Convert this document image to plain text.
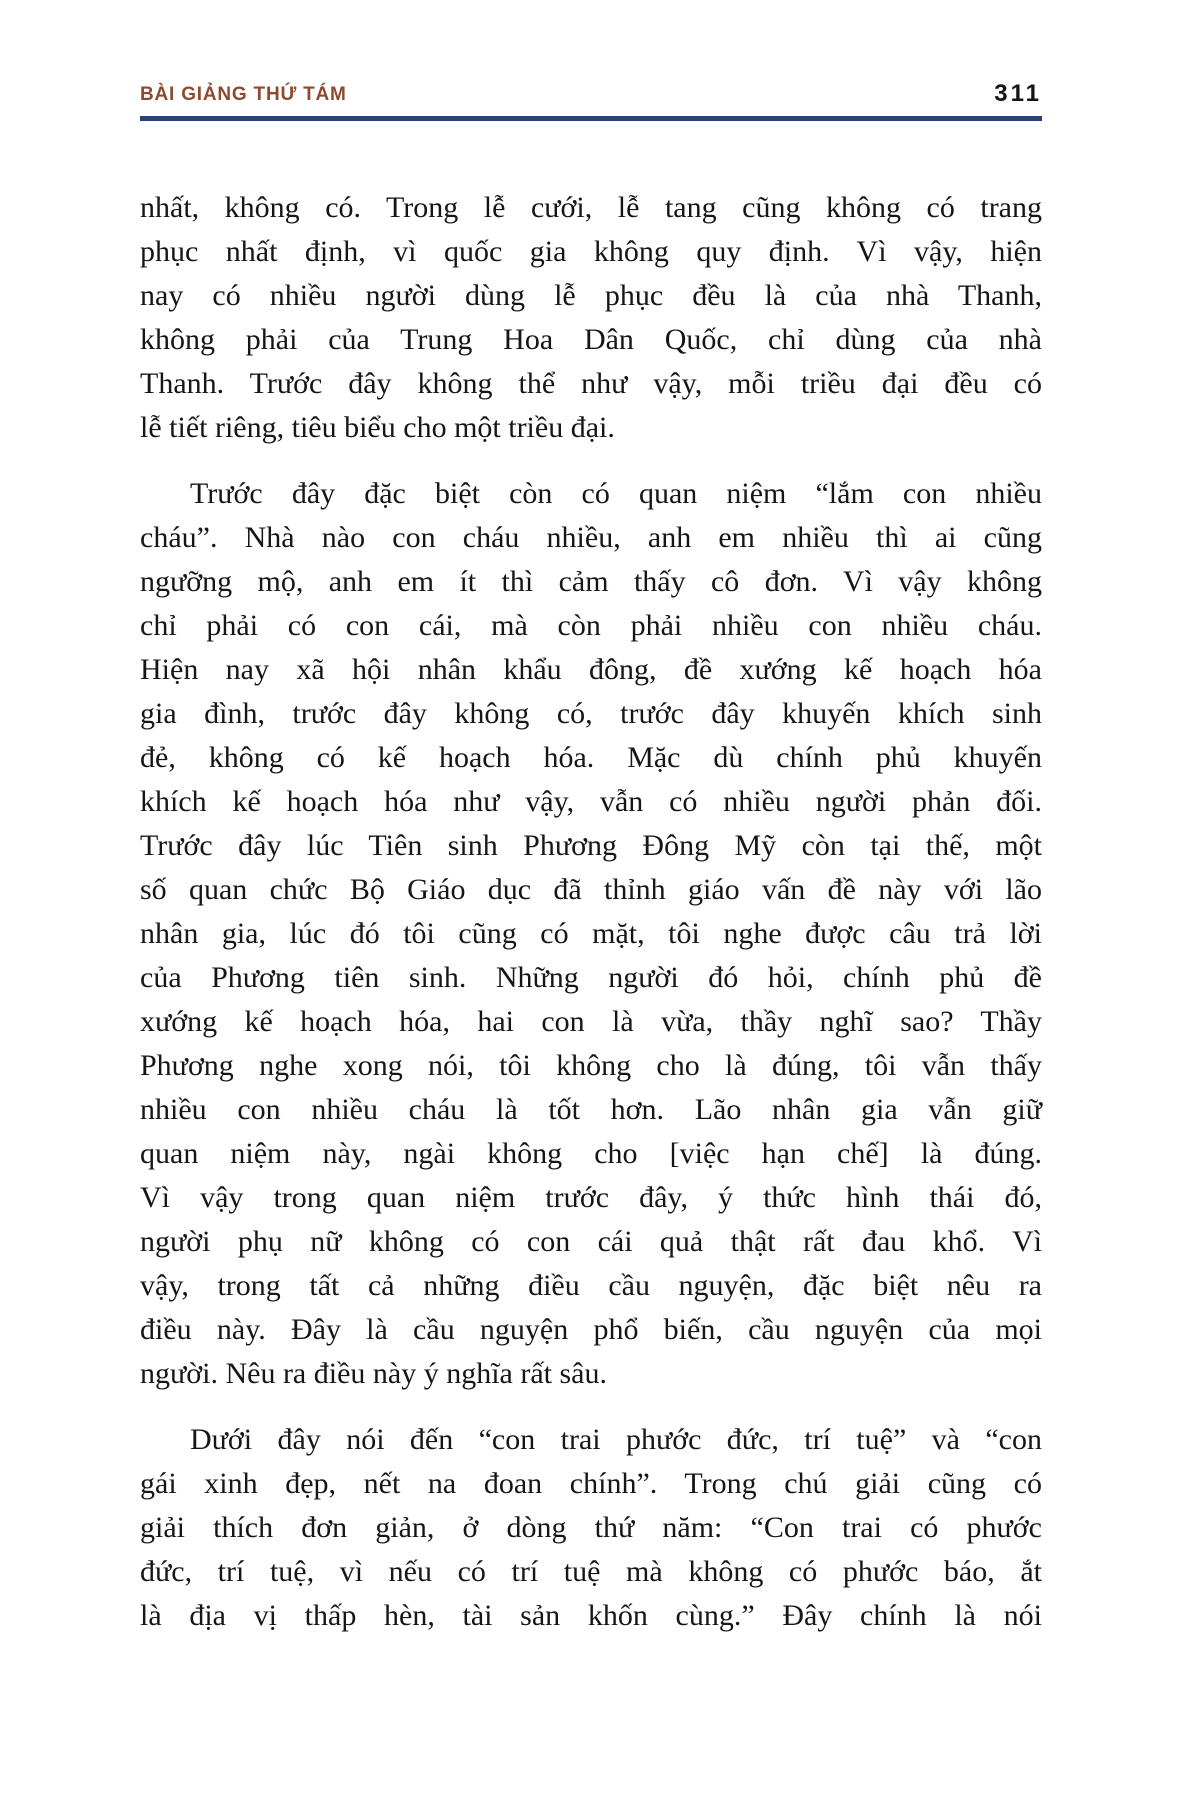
BÀI GIẢNG THỨ TÁM	311

nhất, không có. Trong lễ cưới, lễ tang cũng không có trang
phục nhất định, vì quốc gia không quy định. Vì vậy, hiện
nay có nhiều người dùng lễ phục đều là của nhà Thanh,
không phải của Trung Hoa Dân Quốc, chỉ dùng của nhà
Thanh. Trước đây không thể như vậy, mỗi triều đại đều có
lễ tiết riêng, tiêu biểu cho một triều đại.

Trước đây đặc biệt còn có quan niệm “lắm con nhiều
cháu”. Nhà nào con cháu nhiều, anh em nhiều thì ai cũng
ngưỡng mộ, anh em ít thì cảm thấy cô đơn. Vì vậy không
chỉ phải có con cái, mà còn phải nhiều con nhiều cháu.
Hiện nay xã hội nhân khẩu đông, đề xướng kế hoạch hóa
gia đình, trước đây không có, trước đây khuyến khích sinh
đẻ, không có kế hoạch hóa. Mặc dù chính phủ khuyến
khích kế hoạch hóa như vậy, vẫn có nhiều người phản đối.
Trước đây lúc Tiên sinh Phương Đông Mỹ còn tại thế, một
số quan chức Bộ Giáo dục đã thỉnh giáo vấn đề này với lão
nhân gia, lúc đó tôi cũng có mặt, tôi nghe được câu trả lời
của Phương tiên sinh. Những người đó hỏi, chính phủ đề
xướng kế hoạch hóa, hai con là vừa, thầy nghĩ sao? Thầy
Phương nghe xong nói, tôi không cho là đúng, tôi vẫn thấy
nhiều con nhiều cháu là tốt hơn. Lão nhân gia vẫn giữ
quan niệm này, ngài không cho [việc hạn chế] là đúng.
Vì vậy trong quan niệm trước đây, ý thức hình thái đó,
người phụ nữ không có con cái quả thật rất đau khổ. Vì
vậy, trong tất cả những điều cầu nguyện, đặc biệt nêu ra
điều này. Đây là cầu nguyện phổ biến, cầu nguyện của mọi
người. Nêu ra điều này ý nghĩa rất sâu.

Dưới đây nói đến “con trai phước đức, trí tuệ” và “con
gái xinh đẹp, nết na đoan chính”. Trong chú giải cũng có
giải thích đơn giản, ở dòng thứ năm: “Con trai có phước
đức, trí tuệ, vì nếu có trí tuệ mà không có phước báo, ắt
là địa vị thấp hèn, tài sản khốn cùng.” Đây chính là nói
